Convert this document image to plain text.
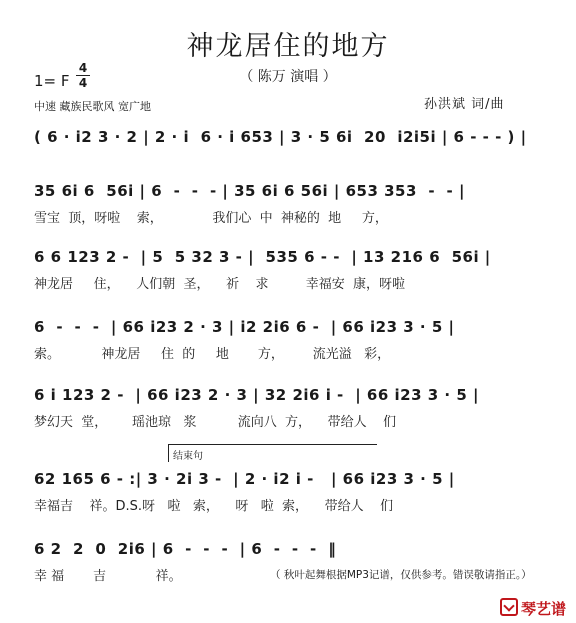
神龙居住的地方
（ 陈万 演唱 ）
1= F
4
4
中速 藏族民歌风 宽广地	孙洪斌 词/曲
( 6 · i2 3 · 2 | 2 · i  6 · i 653 | 3 · 5 6i  20  i2i5i | 6 - - - ) |
35 6i 6  56i | 6  -  -  - | 35 6i 6 56i | 653 353  -  - |
雪宝  顶，呀啦    索，            我们心  中  神秘的  地     方，
6 6 123 2 -  | 5  5 32 3 - |  535 6 - -  | 13 216 6  56i |
神龙居     住，    人们朝  圣，    祈    求         幸福安  康，呀啦
6  -  -  -  | 66 i23 2 · 3 | i2 2i6 6 -  | 66 i23 3 · 5 |
索。          神龙居     住  的     地       方，       流光溢   彩，
6 i 123 2 -  | 66 i23 2 · 3 | 32 2i6 i -  | 66 i23 3 · 5 |
梦幻天  堂，      瑶池琼   浆          流向八  方，    带给人    们
结束句
62 165 6 - :| 3 · 2i 3 -  | 2 · i2 i -   | 66 i23 3 · 5 |
幸福吉    祥。D.S.呀   啦   索，    呀   啦  索，    带给人    们
6 2  2  0  2i6 | 6  -  -  -  | 6  -  -  -  ‖
幸 福       吉            祥。	（ 秋叶起舞根据MP3记谱，仅供参考。错误敬请指正。）
琴艺谱
